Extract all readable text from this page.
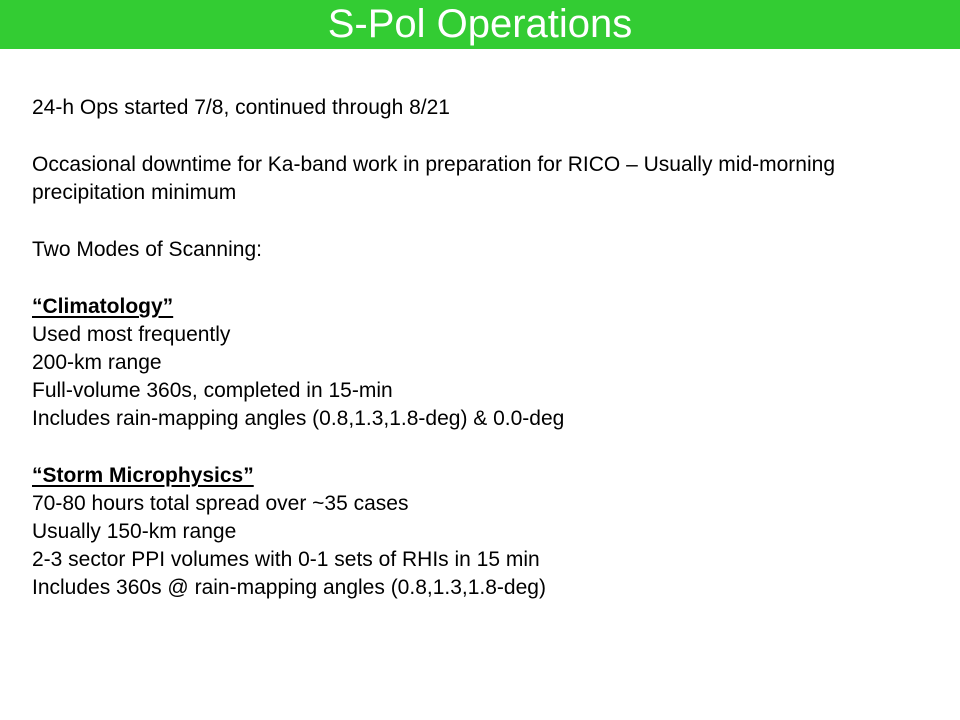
S-Pol Operations
24-h Ops started 7/8, continued through 8/21
Occasional downtime for Ka-band work in preparation for RICO – Usually mid-morning precipitation minimum
Two Modes of Scanning:
“Climatology”
Used most frequently
200-km range
Full-volume 360s, completed in 15-min
Includes rain-mapping angles (0.8,1.3,1.8-deg) & 0.0-deg
“Storm Microphysics”
70-80 hours total spread over ~35 cases
Usually 150-km range
2-3 sector PPI volumes with 0-1 sets of RHIs in 15 min
Includes 360s @ rain-mapping angles (0.8,1.3,1.8-deg)
